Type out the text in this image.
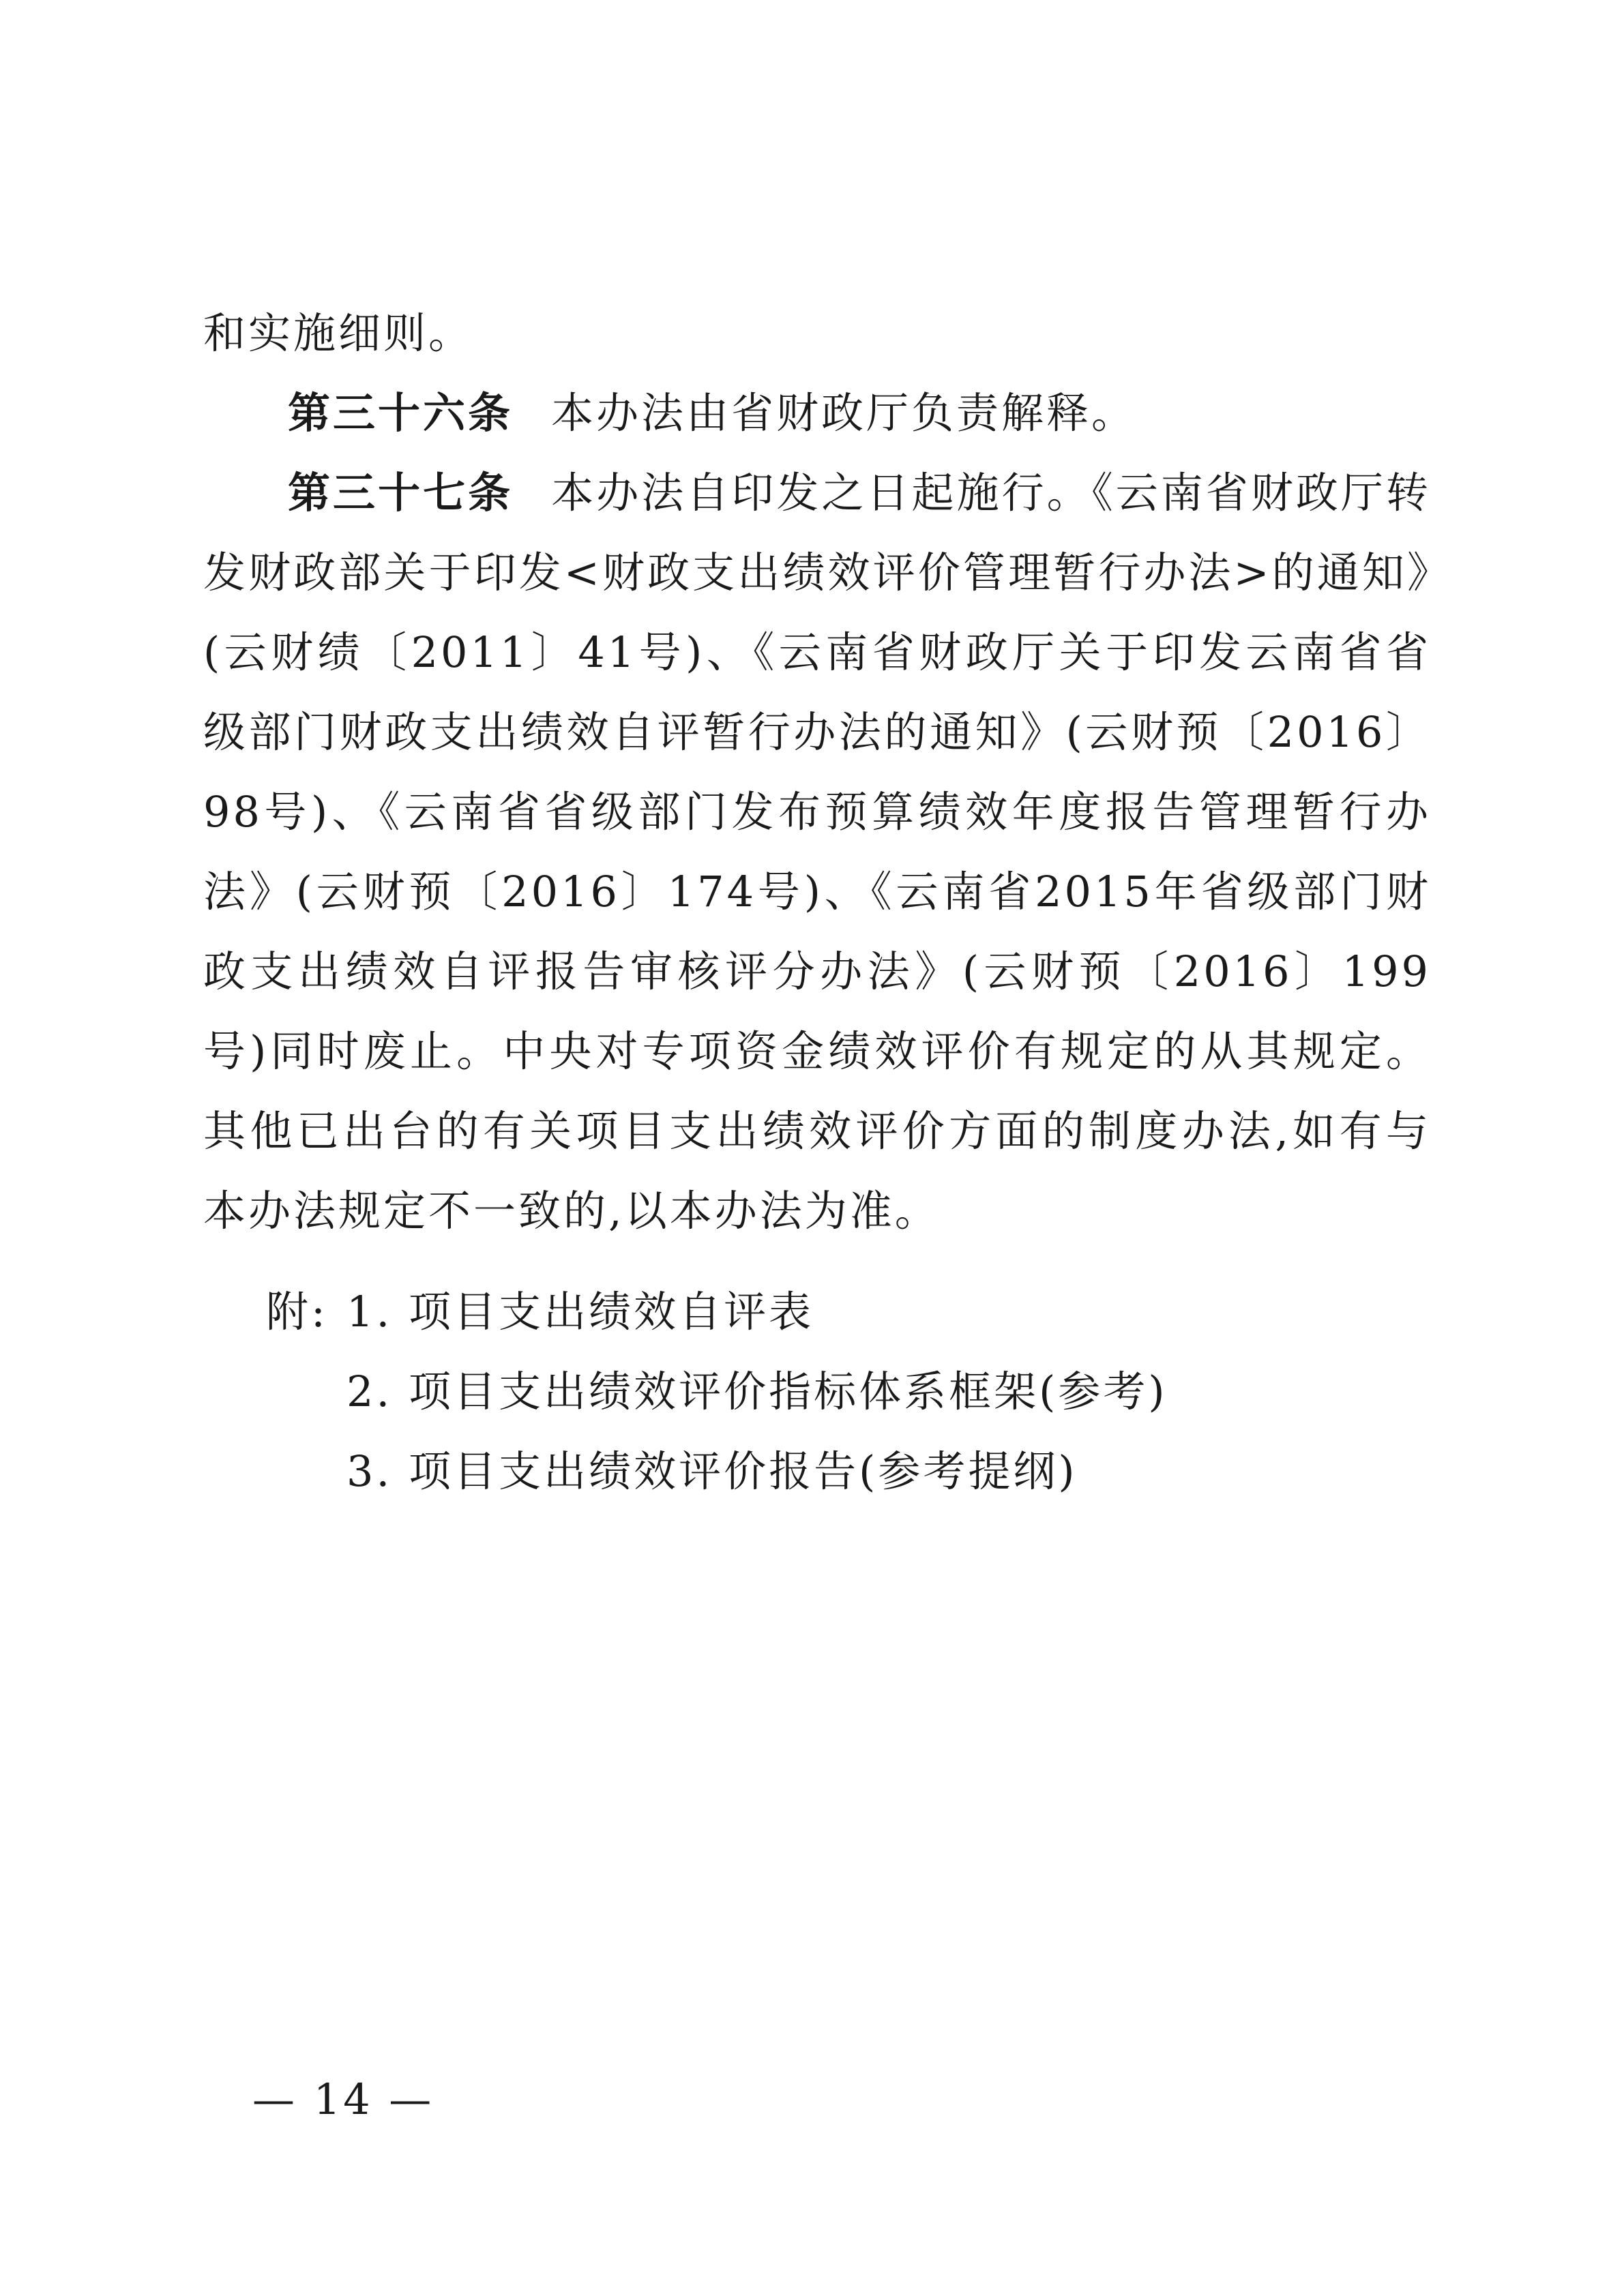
和实施细则。

第三十六条 本办法由省财政厅负责解释。

第三十七条 本办法自印发之日起施行。《云南省财政厅转发财政部关于印发<财政支出绩效评价管理暂行办法>的通知》(云财绩〔2011〕41号)、《云南省财政厅关于印发云南省省级部门财政支出绩效自评暂行办法的通知》(云财预〔2016〕98号)、《云南省省级部门发布预算绩效年度报告管理暂行办法》(云财预〔2016〕174号)、《云南省2015年省级部门财政支出绩效自评报告审核评分办法》(云财预〔2016〕199号)同时废止。中央对专项资金绩效评价有规定的从其规定。其他已出台的有关项目支出绩效评价方面的制度办法,如有与本办法规定不一致的,以本办法为准。

附: 1. 项目支出绩效自评表
2. 项目支出绩效评价指标体系框架(参考)
3. 项目支出绩效评价报告(参考提纲)
— 14 —
